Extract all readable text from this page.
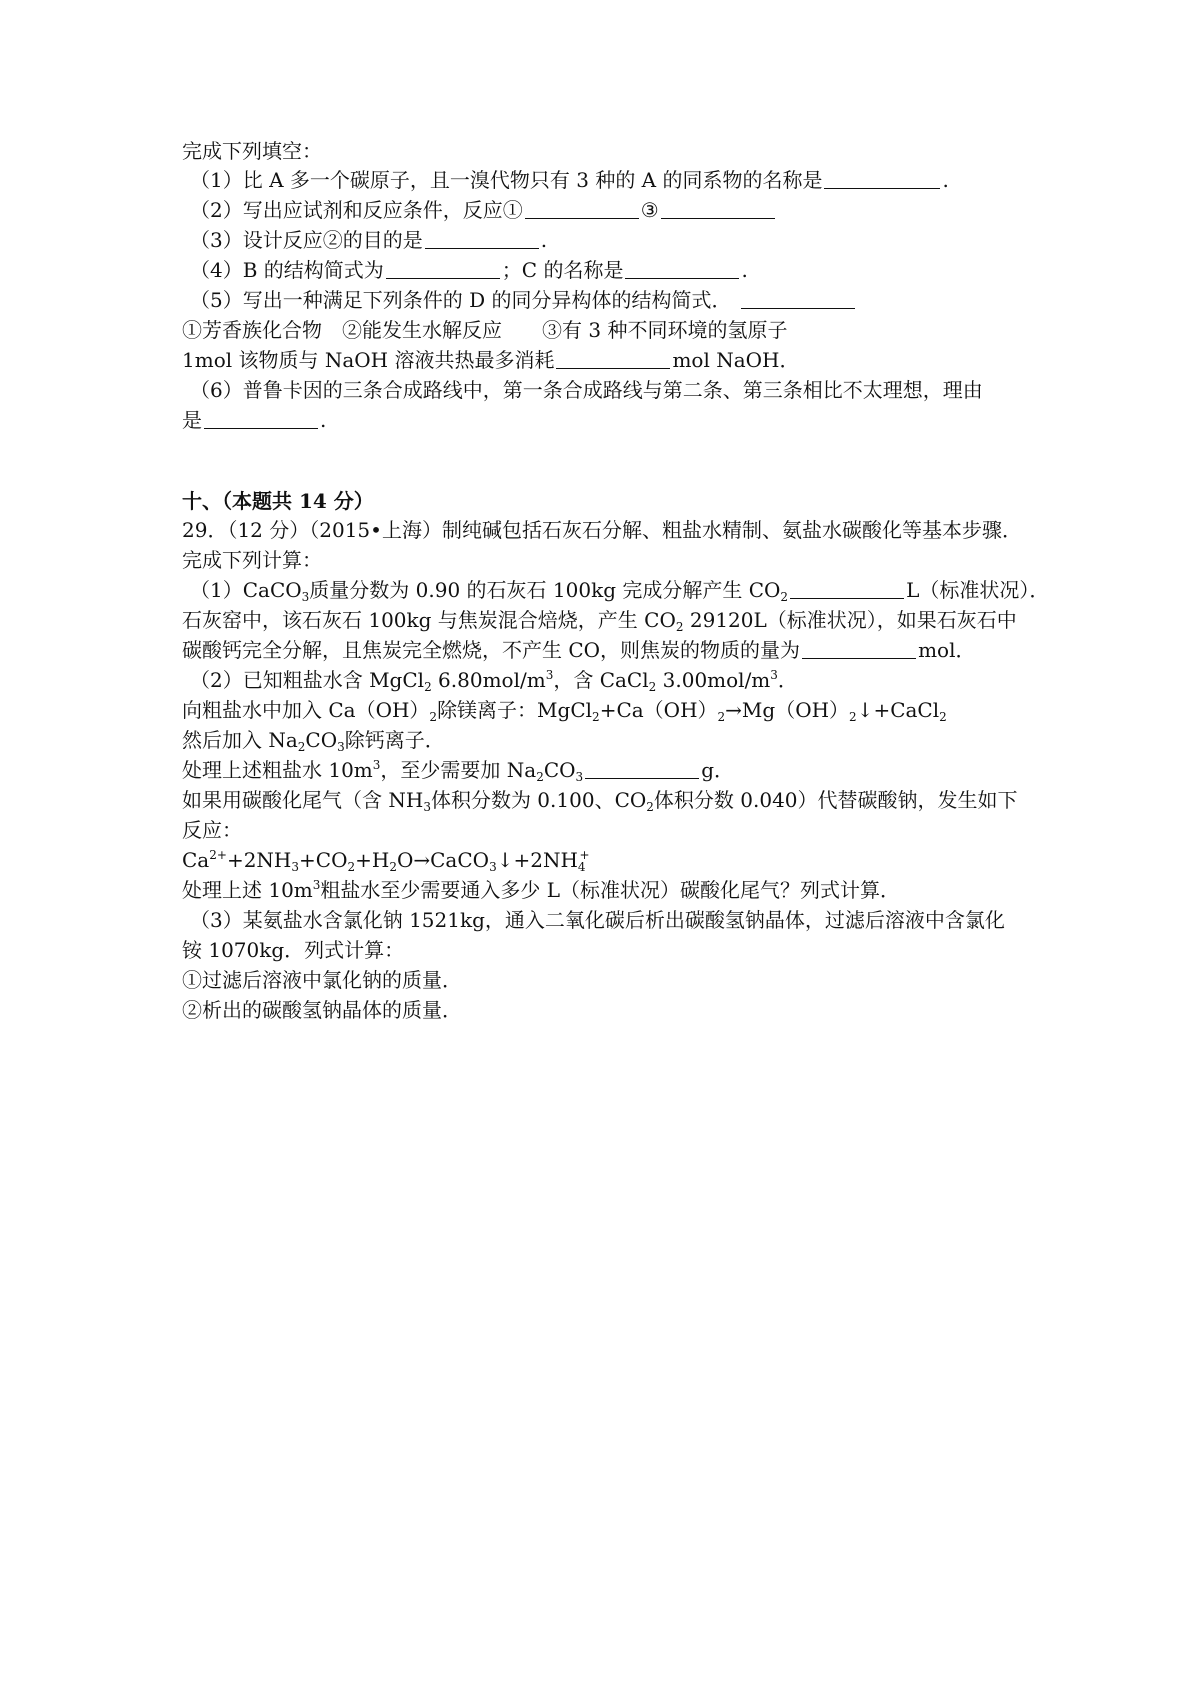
完成下列填空：
（1）比 A 多一个碳原子，且一溴代物只有 3 种的 A 的同系物的名称是	.
（2）写出应试剂和反应条件，反应①	③
（3）设计反应②的目的是	.
（4）B 的结构简式为	；C 的名称是	.
（5）写出一种满足下列条件的 D 的同分异构体的结构简式．
①芳香族化合物　②能发生水解反应　　③有 3 种不同环境的氢原子
1mol 该物质与 NaOH 溶液共热最多消耗	mol NaOH．
（6）普鲁卡因的三条合成路线中，第一条合成路线与第二条、第三条相比不太理想，理由
是	.
十、（本题共 14 分）
29．（12 分）（2015•上海）制纯碱包括石灰石分解、粗盐水精制、氨盐水碳酸化等基本步骤．
完成下列计算：
（1）CaCO$_3$质量分数为 0.90 的石灰石 100kg 完成分解产生 $CO_2$	L（标准状况）．
石灰窑中，该石灰石 100kg 与焦炭混合焙烧，产生 $CO_2$ 29120L（标准状况），如果石灰石中
碳酸钙完全分解，且焦炭完全燃烧，不产生 CO，则焦炭的物质的量为	mol．
（2）已知粗盐水含 MgCl$_2$ $6.80mol/m^3$，含 CaCl$_2$ $3.00mol/m^3$．
向粗盐水中加入 $Ca(OH)_2$除镁离子：$MgCl_2+Ca(OH)_2\to Mg(OH)_2↓+CaCl_2$
然后加入 $Na_2CO_3$除钙离子．
处理上述粗盐水 $10m^3$，至少需要加 $Na_2CO_3$	g．
如果用碳酸化尾气（含 $NH_3$体积分数为 0.100、$CO_2$体积分数 0.040）代替碳酸钠，发生如下
反应：
$Ca^{2+}+2NH_3+CO_2+H_2O\to CaCO_3↓+2NH_4^+$
处理上述 $10m^3$粗盐水至少需要通入多少 L（标准状况）碳酸化尾气？列式计算．
（3）某氨盐水含氯化钠 1521kg，通入二氧化碳后析出碳酸氢钠晶体，过滤后溶液中含氯化
铵 1070kg．列式计算：
①过滤后溶液中氯化钠的质量．
②析出的碳酸氢钠晶体的质量．
